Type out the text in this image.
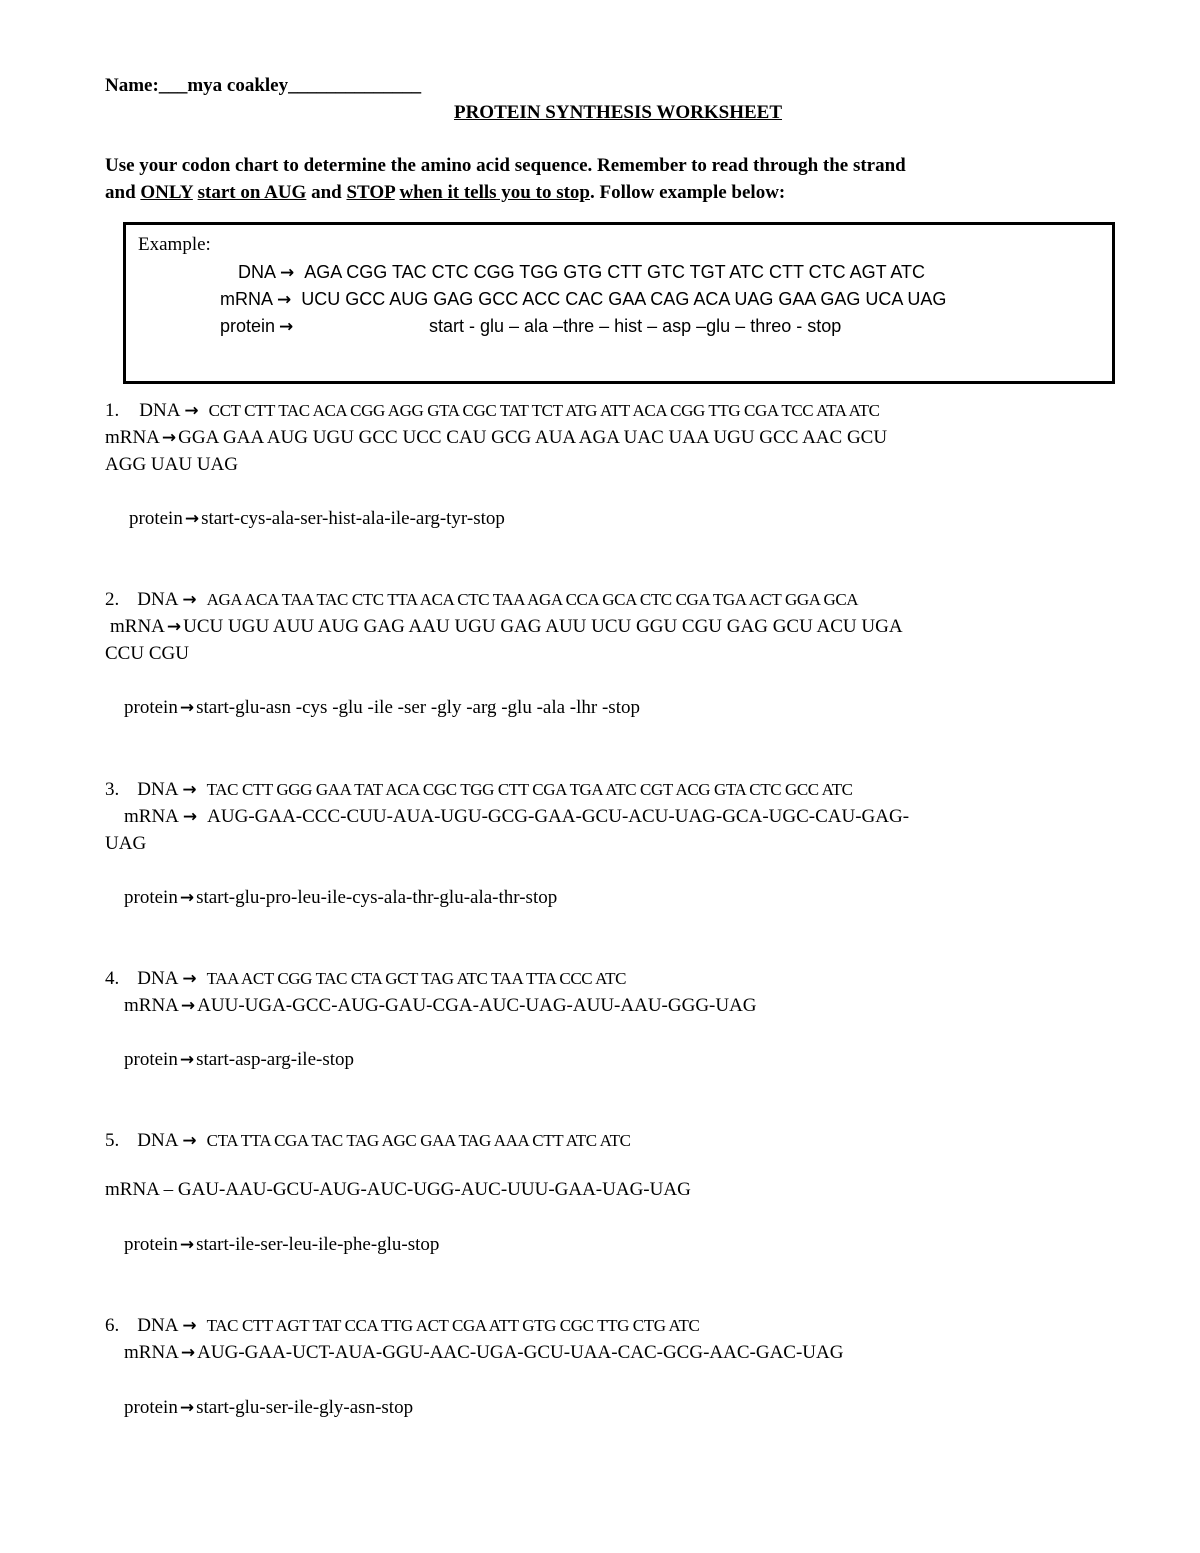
Name:___mya coakley______________
PROTEIN SYNTHESIS WORKSHEET
Use your codon chart to determine the amino acid sequence. Remember to read through the strand
and ONLY start on AUG and STOP when it tells you to stop. Follow example below:
Example:
DNA → AGA CGG TAC CTC CGG TGG GTG CTT GTC TGT ATC CTT CTC AGT ATC
mRNA → UCU GCC AUG GAG GCC ACC CAC GAA CAG ACA UAG GAA GAG UCA UAG
protein →	start - glu – ala –thre – hist – asp –glu – threo - stop
1. DNA → CCT CTT TAC ACA CGG AGG GTA CGC TAT TCT ATG ATT ACA CGG TTG CGA TCC ATA ATC
mRNA → GGA GAA AUG UGU GCC UCC CAU GCG AUA AGA UAC UAA UGU GCC AAC GCU
AGG UAU UAG
protein → start-cys-ala-ser-hist-ala-ile-arg-tyr-stop
2. DNA → AGA ACA TAA TAC CTC TTA ACA CTC TAA AGA CCA GCA CTC CGA TGA ACT GGA GCA
mRNA → UCU UGU AUU AUG GAG AAU UGU GAG AUU UCU GGU CGU GAG GCU ACU UGA
CCU CGU
protein → start-glu-asn -cys -glu -ile -ser -gly -arg -glu -ala -lhr -stop
3. DNA → TAC CTT GGG GAA TAT ACA CGC TGG CTT CGA TGA ATC CGT ACG GTA CTC GCC ATC
mRNA → AUG-GAA-CCC-CUU-AUA-UGU-GCG-GAA-GCU-ACU-UAG-GCA-UGC-CAU-GAG-
UAG
protein → start-glu-pro-leu-ile-cys-ala-thr-glu-ala-thr-stop
4. DNA → TAA ACT CGG TAC CTA GCT TAG ATC TAA TTA CCC ATC
mRNA → AUU-UGA-GCC-AUG-GAU-CGA-AUC-UAG-AUU-AAU-GGG-UAG
protein → start-asp-arg-ile-stop
5. DNA → CTA TTA CGA TAC TAG AGC GAA TAG AAA CTT ATC ATC
mRNA – GAU-AAU-GCU-AUG-AUC-UGG-AUC-UUU-GAA-UAG-UAG
protein → start-ile-ser-leu-ile-phe-glu-stop
6. DNA → TAC CTT AGT TAT CCA TTG ACT CGA ATT GTG CGC TTG CTG ATC
mRNA → AUG-GAA-UCT-AUA-GGU-AAC-UGA-GCU-UAA-CAC-GCG-AAC-GAC-UAG
protein → start-glu-ser-ile-gly-asn-stop
